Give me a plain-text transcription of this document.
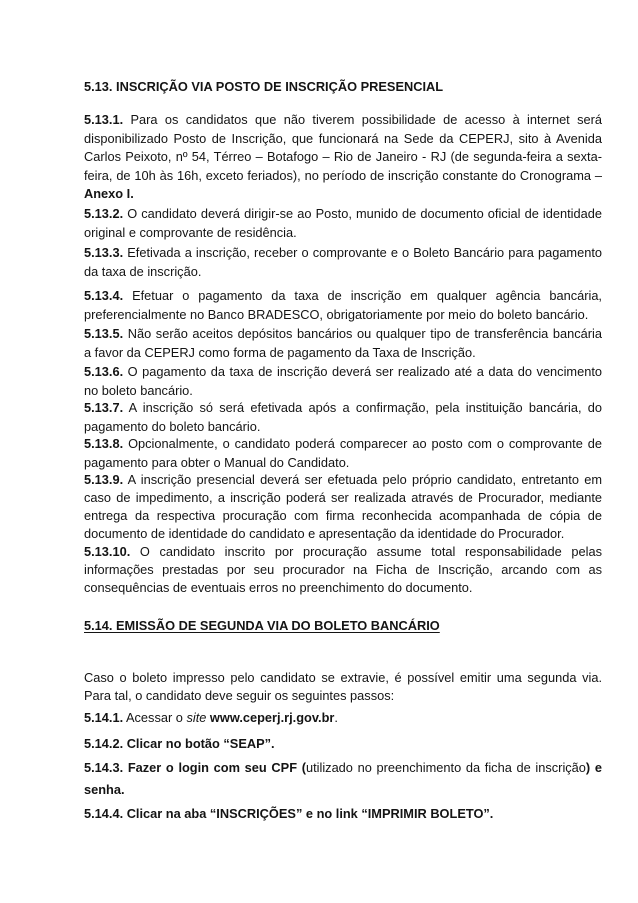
5.13. INSCRIÇÃO VIA POSTO DE INSCRIÇÃO PRESENCIAL
5.13.1. Para os candidatos que não tiverem possibilidade de acesso à internet será
disponibilizado Posto de Inscrição, que funcionará na Sede da CEPERJ, sito à Avenida
Carlos Peixoto, nº 54, Térreo – Botafogo – Rio de Janeiro - RJ (de segunda-feira a sexta-
feira, de 10h às 16h, exceto feriados), no período de inscrição constante do Cronograma –
Anexo I.
5.13.2. O candidato deverá dirigir-se ao Posto, munido de documento oficial de identidade
original e comprovante de residência.
5.13.3. Efetivada a inscrição, receber o comprovante e o Boleto Bancário para pagamento
da taxa de inscrição.
5.13.4. Efetuar o pagamento da taxa de inscrição em qualquer agência bancária,
preferencialmente no Banco BRADESCO, obrigatoriamente por meio do boleto bancário.
5.13.5. Não serão aceitos depósitos bancários ou qualquer tipo de transferência bancária
a favor da CEPERJ como forma de pagamento da Taxa de Inscrição.
5.13.6. O pagamento da taxa de inscrição deverá ser realizado até a data do vencimento
no boleto bancário.
5.13.7. A inscrição só será efetivada após a confirmação, pela instituição bancária, do
pagamento do boleto bancário.
5.13.8. Opcionalmente, o candidato poderá comparecer ao posto com o comprovante de
pagamento para obter o Manual do Candidato.
5.13.9. A inscrição presencial deverá ser efetuada pelo próprio candidato, entretanto em
caso de impedimento, a inscrição poderá ser realizada através de Procurador, mediante
entrega da respectiva procuração com firma reconhecida acompanhada de cópia de
documento de identidade do candidato e apresentação da identidade do Procurador.
5.13.10. O candidato inscrito por procuração assume total responsabilidade pelas
informações prestadas por seu procurador na Ficha de Inscrição, arcando com as
consequências de eventuais erros no preenchimento do documento.
5.14. EMISSÃO DE SEGUNDA VIA DO BOLETO BANCÁRIO
Caso o boleto impresso pelo candidato se extravie, é possível emitir uma segunda via.
Para tal, o candidato deve seguir os seguintes passos:
5.14.1. Acessar o site www.ceperj.rj.gov.br.
5.14.2. Clicar no botão “SEAP”.
5.14.3. Fazer o login com seu CPF (utilizado no preenchimento da ficha de inscrição) e
senha.
5.14.4. Clicar na aba “INSCRIÇÕES” e no link “IMPRIMIR BOLETO”.
